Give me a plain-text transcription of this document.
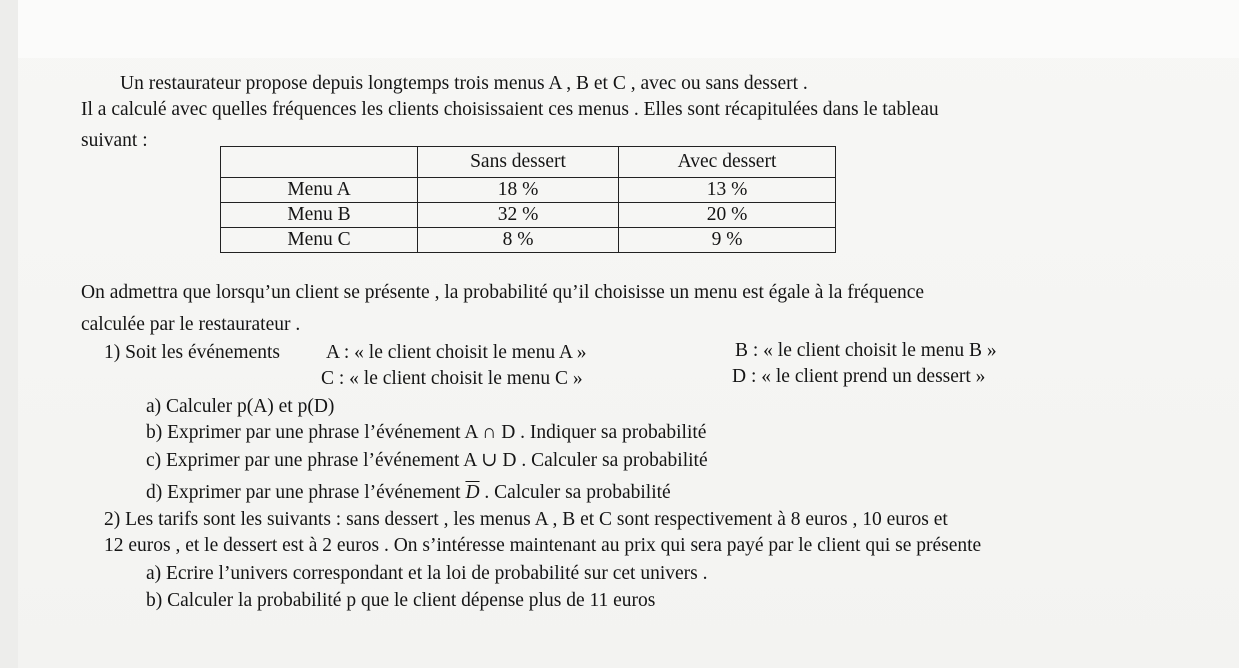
Un restaurateur propose depuis longtemps trois menus A , B et C , avec ou sans dessert .
Il a calculé avec quelles fréquences les clients choisissaient ces menus . Elles sont récapitulées dans le tableau
suivant :
	Sans dessert	Avec dessert
Menu A	18 %	13 %
Menu B	32 %	20 %
Menu C	8 %	9 %
On admettra que lorsqu’un client se présente , la probabilité qu’il choisisse un menu est égale à la fréquence
calculée par le restaurateur .
1) Soit les événements A : « le client choisit le menu A »	B : « le client choisit le menu B »
C : « le client choisit le menu C »	D : « le client prend un dessert »
a) Calculer p(A) et p(D)
b) Exprimer par une phrase l’événement A ∩ D . Indiquer sa probabilité
c) Exprimer par une phrase l’événement A ∪ D . Calculer sa probabilité
d) Exprimer par une phrase l’événement $\overline{D}$ . Calculer sa probabilité
2) Les tarifs sont les suivants : sans dessert , les menus A , B et C sont respectivement à 8 euros , 10 euros et
12 euros , et le dessert est à 2 euros . On s’intéresse maintenant au prix qui sera payé par le client qui se présente
a) Ecrire l’univers correspondant et la loi de probabilité sur cet univers .
b) Calculer la probabilité p que le client dépense plus de 11 euros
